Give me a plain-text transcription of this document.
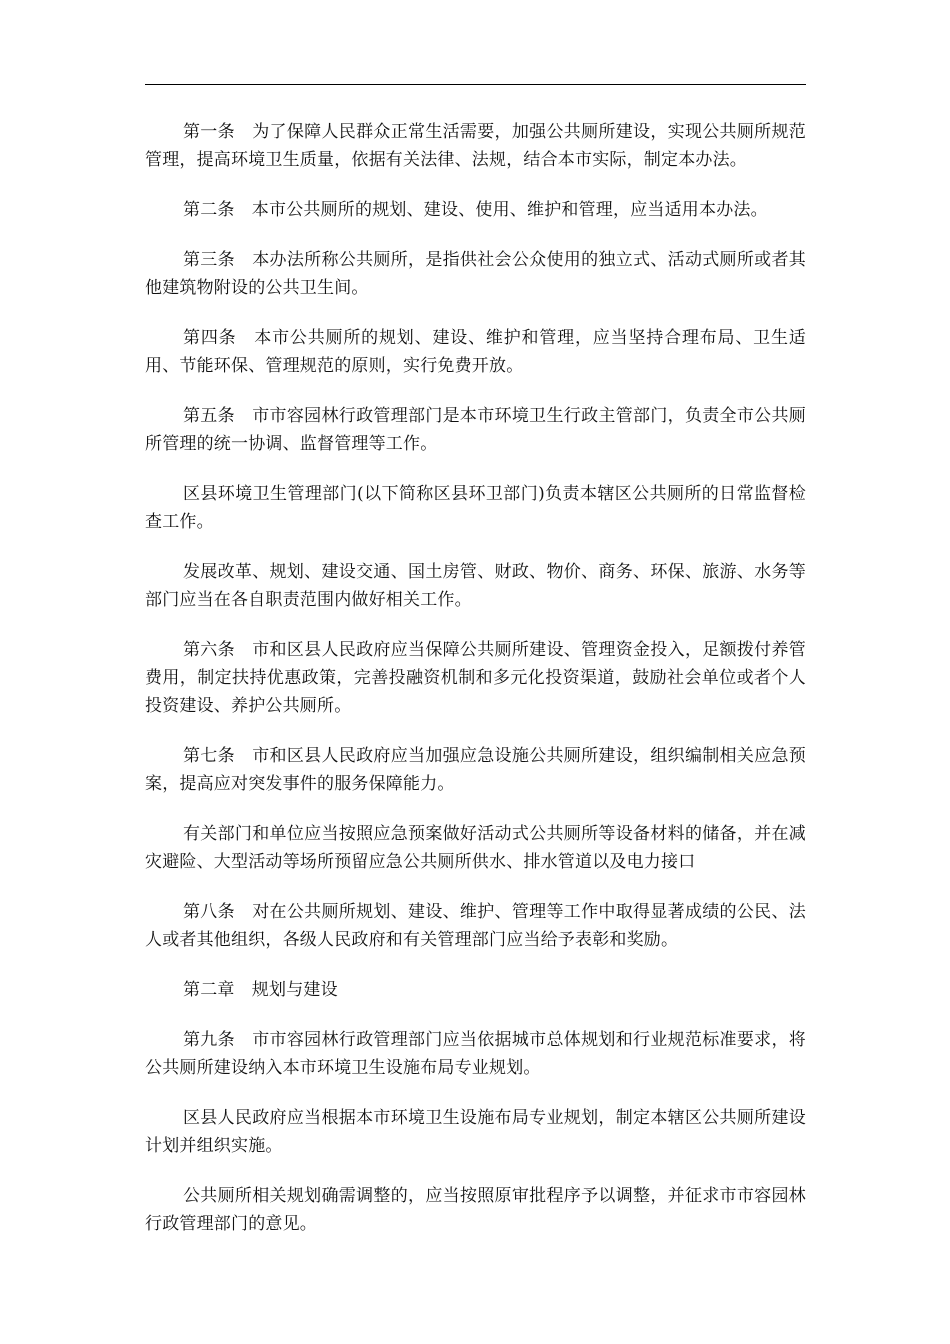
第一条　为了保障人民群众正常生活需要，加强公共厕所建设，实现公共厕所规范管理，提高环境卫生质量，依据有关法律、法规，结合本市实际，制定本办法。

第二条　本市公共厕所的规划、建设、使用、维护和管理，应当适用本办法。

第三条　本办法所称公共厕所，是指供社会公众使用的独立式、活动式厕所或者其他建筑物附设的公共卫生间。

第四条　本市公共厕所的规划、建设、维护和管理，应当坚持合理布局、卫生适用、节能环保、管理规范的原则，实行免费开放。

第五条　市市容园林行政管理部门是本市环境卫生行政主管部门，负责全市公共厕所管理的统一协调、监督管理等工作。

区县环境卫生管理部门(以下简称区县环卫部门)负责本辖区公共厕所的日常监督检查工作。

发展改革、规划、建设交通、国土房管、财政、物价、商务、环保、旅游、水务等部门应当在各自职责范围内做好相关工作。

第六条　市和区县人民政府应当保障公共厕所建设、管理资金投入，足额拨付养管费用，制定扶持优惠政策，完善投融资机制和多元化投资渠道，鼓励社会单位或者个人投资建设、养护公共厕所。

第七条　市和区县人民政府应当加强应急设施公共厕所建设，组织编制相关应急预案，提高应对突发事件的服务保障能力。

有关部门和单位应当按照应急预案做好活动式公共厕所等设备材料的储备，并在减灾避险、大型活动等场所预留应急公共厕所供水、排水管道以及电力接口

第八条　对在公共厕所规划、建设、维护、管理等工作中取得显著成绩的公民、法人或者其他组织，各级人民政府和有关管理部门应当给予表彰和奖励。

第二章　规划与建设

第九条　市市容园林行政管理部门应当依据城市总体规划和行业规范标准要求，将公共厕所建设纳入本市环境卫生设施布局专业规划。

区县人民政府应当根据本市环境卫生设施布局专业规划，制定本辖区公共厕所建设计划并组织实施。

公共厕所相关规划确需调整的，应当按照原审批程序予以调整，并征求市市容园林行政管理部门的意见。
